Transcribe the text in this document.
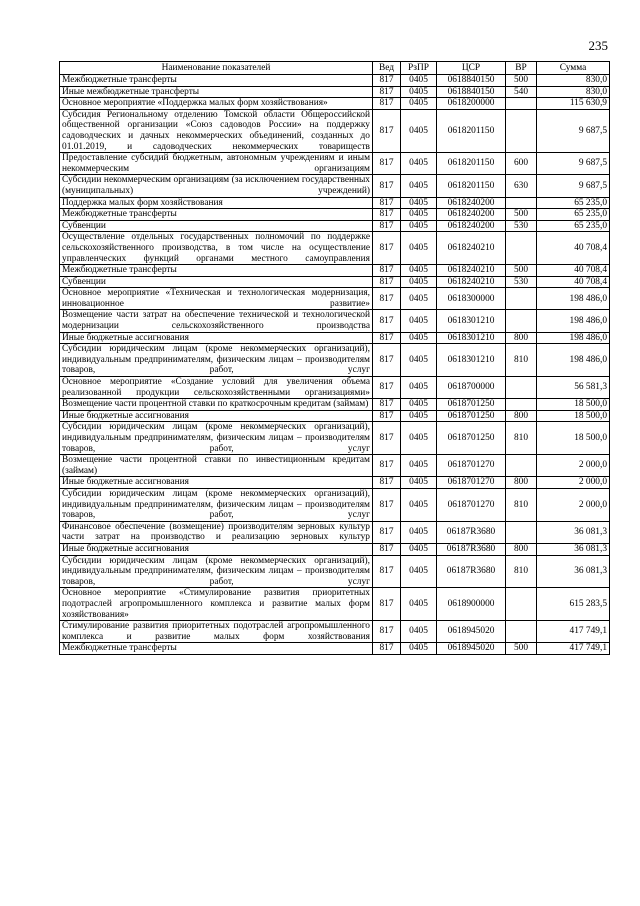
235
Наименование показателей	Вед	РзПР	ЦСР	ВР	Сумма
Межбюджетные трансферты	817	0405	0618840150	500	830,0
Иные межбюджетные трансферты	817	0405	0618840150	540	830,0
Основное мероприятие «Поддержка малых форм хозяйствования»	817	0405	0618200000		115 630,9
Субсидия Региональному отделению Томской области Общероссийской общественной организации «Союз садоводов России» на поддержку садоводческих и дачных некоммерческих объединений, созданных до 01.01.2019, и садоводческих некоммерческих товариществ	817	0405	0618201150		9 687,5
Предоставление субсидий бюджетным, автономным учреждениям и иным некоммерческим организациям	817	0405	0618201150	600	9 687,5
Субсидии некоммерческим организациям (за исключением государственных (муниципальных) учреждений)	817	0405	0618201150	630	9 687,5
Поддержка малых форм хозяйствования	817	0405	0618240200		65 235,0
Межбюджетные трансферты	817	0405	0618240200	500	65 235,0
Субвенции	817	0405	0618240200	530	65 235,0
Осуществление отдельных государственных полномочий по поддержке сельскохозяйственного производства, в том числе на осуществление управленческих функций органами местного самоуправления	817	0405	0618240210		40 708,4
Межбюджетные трансферты	817	0405	0618240210	500	40 708,4
Субвенции	817	0405	0618240210	530	40 708,4
Основное мероприятие «Техническая и технологическая модернизация, инновационное развитие»	817	0405	0618300000		198 486,0
Возмещение части затрат на обеспечение технической и технологической модернизации сельскохозяйственного производства	817	0405	0618301210		198 486,0
Иные бюджетные ассигнования	817	0405	0618301210	800	198 486,0
Субсидии юридическим лицам (кроме некоммерческих организаций), индивидуальным предпринимателям, физическим лицам – производителям товаров, работ, услуг	817	0405	0618301210	810	198 486,0
Основное мероприятие «Создание условий для увеличения объема реализованной продукции сельскохозяйственными организациями»	817	0405	0618700000		56 581,3
Возмещение части процентной ставки по краткосрочным кредитам (займам)	817	0405	0618701250		18 500,0
Иные бюджетные ассигнования	817	0405	0618701250	800	18 500,0
Субсидии юридическим лицам (кроме некоммерческих организаций), индивидуальным предпринимателям, физическим лицам – производителям товаров, работ, услуг	817	0405	0618701250	810	18 500,0
Возмещение части процентной ставки по инвестиционным кредитам (займам)	817	0405	0618701270		2 000,0
Иные бюджетные ассигнования	817	0405	0618701270	800	2 000,0
Субсидии юридическим лицам (кроме некоммерческих организаций), индивидуальным предпринимателям, физическим лицам – производителям товаров, работ, услуг	817	0405	0618701270	810	2 000,0
Финансовое обеспечение (возмещение) производителям зерновых культур части затрат на производство и реализацию зерновых культур	817	0405	06187R3680		36 081,3
Иные бюджетные ассигнования	817	0405	06187R3680	800	36 081,3
Субсидии юридическим лицам (кроме некоммерческих организаций), индивидуальным предпринимателям, физическим лицам – производителям товаров, работ, услуг	817	0405	06187R3680	810	36 081,3
Основное мероприятие «Стимулирование развития приоритетных подотраслей агропромышленного комплекса и развитие малых форм хозяйствования»	817	0405	0618900000		615 283,5
Стимулирование развития приоритетных подотраслей агропромышленного комплекса и развитие малых форм хозяйствования	817	0405	0618945020		417 749,1
Межбюджетные трансферты	817	0405	0618945020	500	417 749,1
